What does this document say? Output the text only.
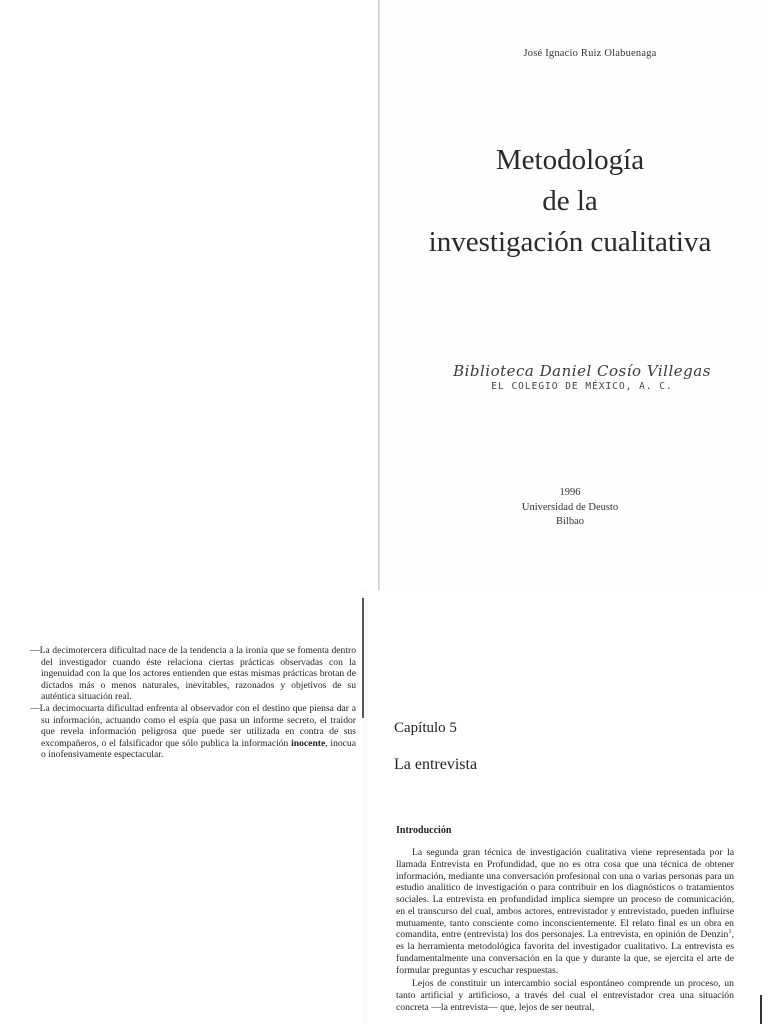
José Ignacio Ruiz Olabuenaga
Metodología
de la
investigación cualitativa
Biblioteca Daniel Cosío Villegas
EL COLEGIO DE MÉXICO, A. C.
1996
Universidad de Deusto
Bilbao

—La decimotercera dificultad nace de la tendencia a la ironía que se fomenta dentro del investigador cuando éste relaciona ciertas prácticas observadas con la ingenuidad con la que los actores entienden que estas mismas prácticas brotan de dictados más o menos naturales, inevitables, razonados y objetivos de su auténtica situación real.

—La decimocuarta dificultad enfrenta al observador con el destino que piensa dar a su información, actuando como el espía que pasa un informe secreto, el traidor que revela información peligrosa que puede ser utilizada en contra de sus excompañeros, o el falsificador que sólo publica la información inocente, inocua o inofensivamente espectacular.

Capítulo 5
La entrevista
Introducción

La segunda gran técnica de investigación cualitativa viene representada por la llamada Entrevista en Profundidad, que no es otra cosa que una técnica de obtener información, mediante una conversación profesional con una o varias personas para un estudio analítico de investigación o para contribuir en los diagnósticos o tratamientos sociales. La entrevista en profundidad implica siempre un proceso de comunicación, en el transcurso del cual, ambos actores, entrevistador y entrevistado, pueden influirse mutuamente, tanto consciente como inconscientemente. El relato final es un obra en comandita, entre (entrevista) los dos personajes. La entrevista, en opinión de Denzin$^1$, es la herramienta metodológica favorita del investigador cualitativo. La entrevista es fundamentalmente una conversación en la que y durante la que, se ejercita el arte de formular preguntas y escuchar respuestas.

Lejos de constituir un intercambio social espontáneo comprende un proceso, un tanto artificial y artificioso, a través del cual el entrevistador crea una situación concreta —la entrevista— que, lejos de ser neutral,
